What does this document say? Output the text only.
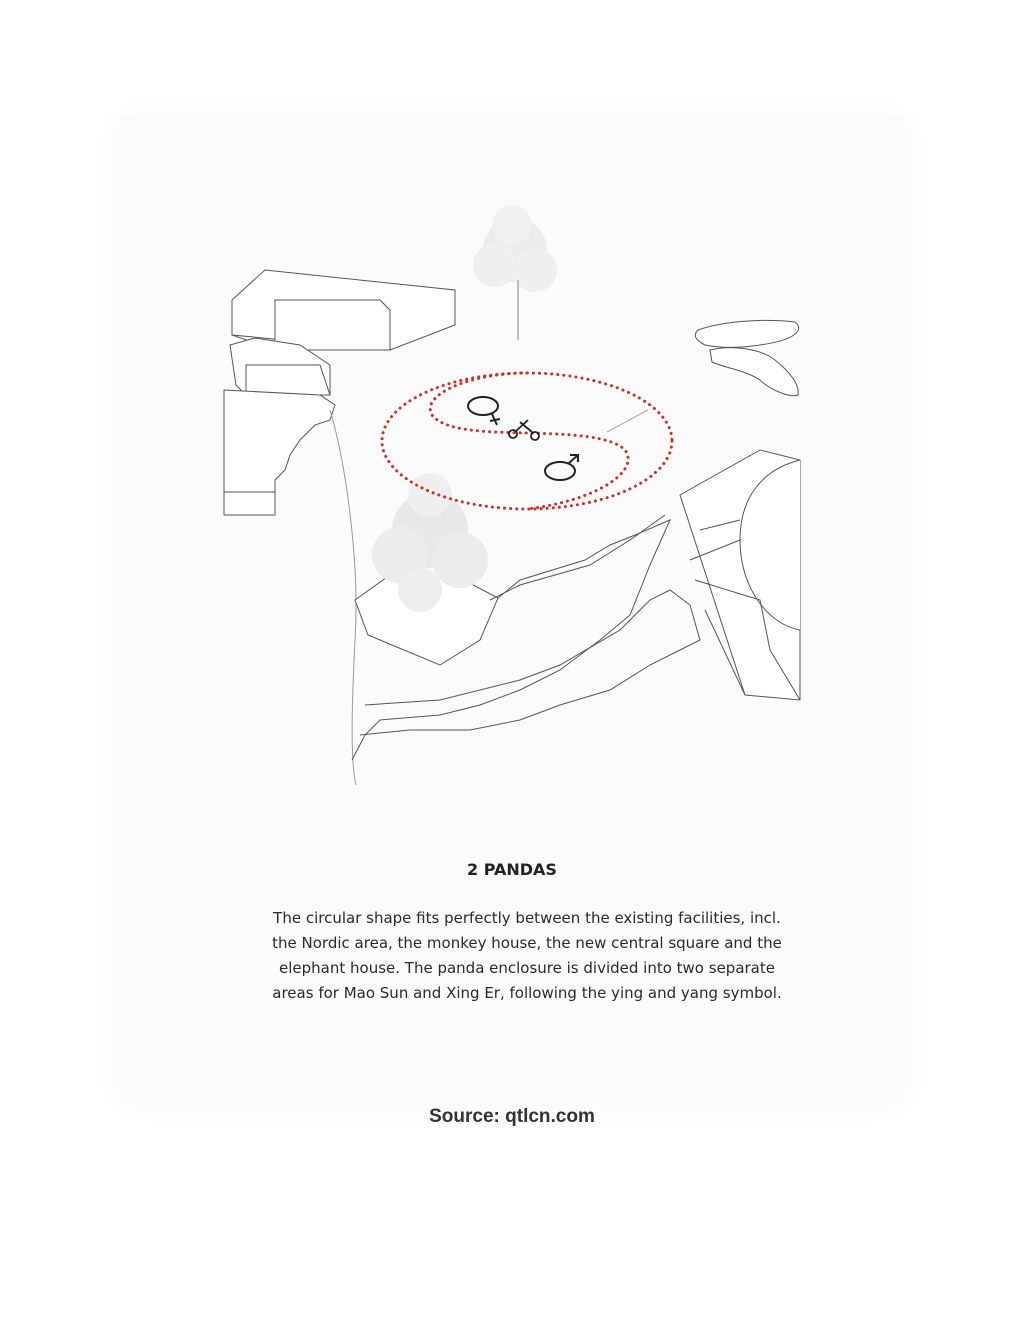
2 PANDAS
The circular shape fits perfectly between the existing facilities, incl.
the Nordic area, the monkey house, the new central square and the
elephant house. The panda enclosure is divided into two separate
areas for Mao Sun and Xing Er, following the ying and yang symbol.
Source: qtlcn.com
